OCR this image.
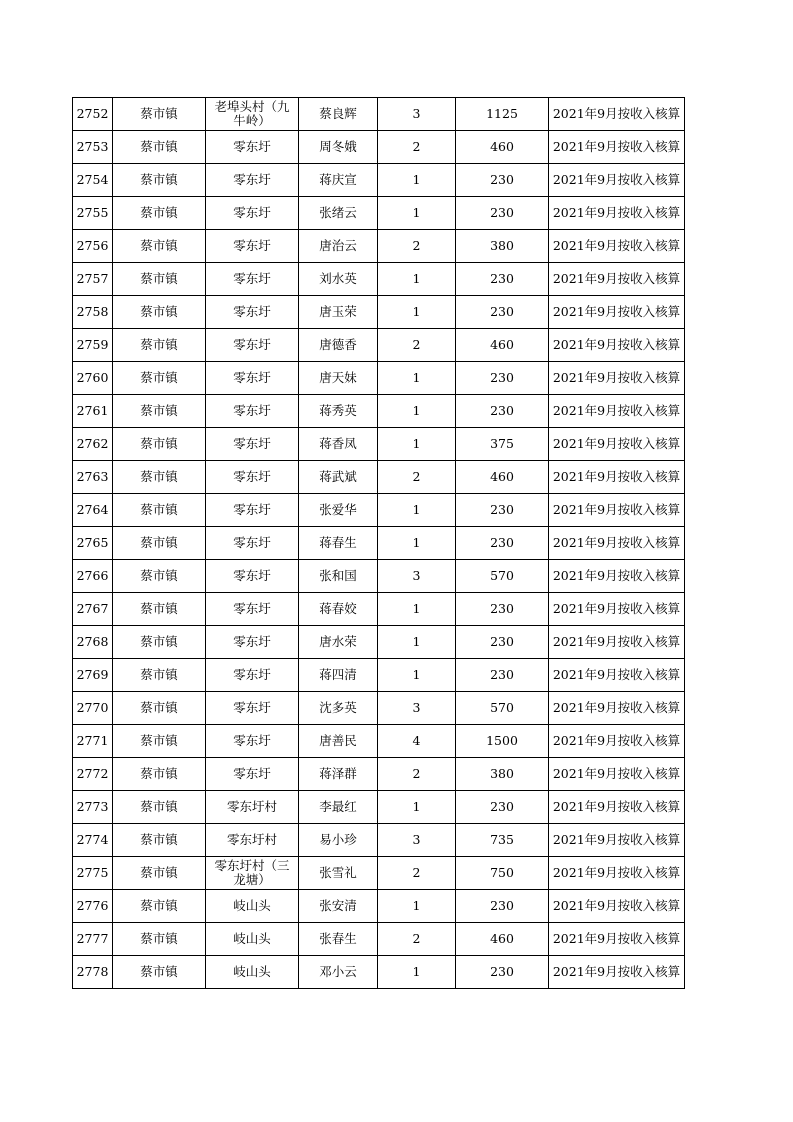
2752	蔡市镇	老埠头村（九牛岭）	蔡良辉	3	1125	2021年9月按收入核算
2753	蔡市镇	零东圩	周冬娥	2	460	2021年9月按收入核算
2754	蔡市镇	零东圩	蒋庆宣	1	230	2021年9月按收入核算
2755	蔡市镇	零东圩	张绪云	1	230	2021年9月按收入核算
2756	蔡市镇	零东圩	唐治云	2	380	2021年9月按收入核算
2757	蔡市镇	零东圩	刘水英	1	230	2021年9月按收入核算
2758	蔡市镇	零东圩	唐玉荣	1	230	2021年9月按收入核算
2759	蔡市镇	零东圩	唐德香	2	460	2021年9月按收入核算
2760	蔡市镇	零东圩	唐天妹	1	230	2021年9月按收入核算
2761	蔡市镇	零东圩	蒋秀英	1	230	2021年9月按收入核算
2762	蔡市镇	零东圩	蒋香凤	1	375	2021年9月按收入核算
2763	蔡市镇	零东圩	蒋武斌	2	460	2021年9月按收入核算
2764	蔡市镇	零东圩	张爱华	1	230	2021年9月按收入核算
2765	蔡市镇	零东圩	蒋春生	1	230	2021年9月按收入核算
2766	蔡市镇	零东圩	张和国	3	570	2021年9月按收入核算
2767	蔡市镇	零东圩	蒋春姣	1	230	2021年9月按收入核算
2768	蔡市镇	零东圩	唐水荣	1	230	2021年9月按收入核算
2769	蔡市镇	零东圩	蒋四清	1	230	2021年9月按收入核算
2770	蔡市镇	零东圩	沈多英	3	570	2021年9月按收入核算
2771	蔡市镇	零东圩	唐善民	4	1500	2021年9月按收入核算
2772	蔡市镇	零东圩	蒋泽群	2	380	2021年9月按收入核算
2773	蔡市镇	零东圩村	李最红	1	230	2021年9月按收入核算
2774	蔡市镇	零东圩村	易小珍	3	735	2021年9月按收入核算
2775	蔡市镇	零东圩村（三龙塘）	张雪礼	2	750	2021年9月按收入核算
2776	蔡市镇	岐山头	张安清	1	230	2021年9月按收入核算
2777	蔡市镇	岐山头	张春生	2	460	2021年9月按收入核算
2778	蔡市镇	岐山头	邓小云	1	230	2021年9月按收入核算
